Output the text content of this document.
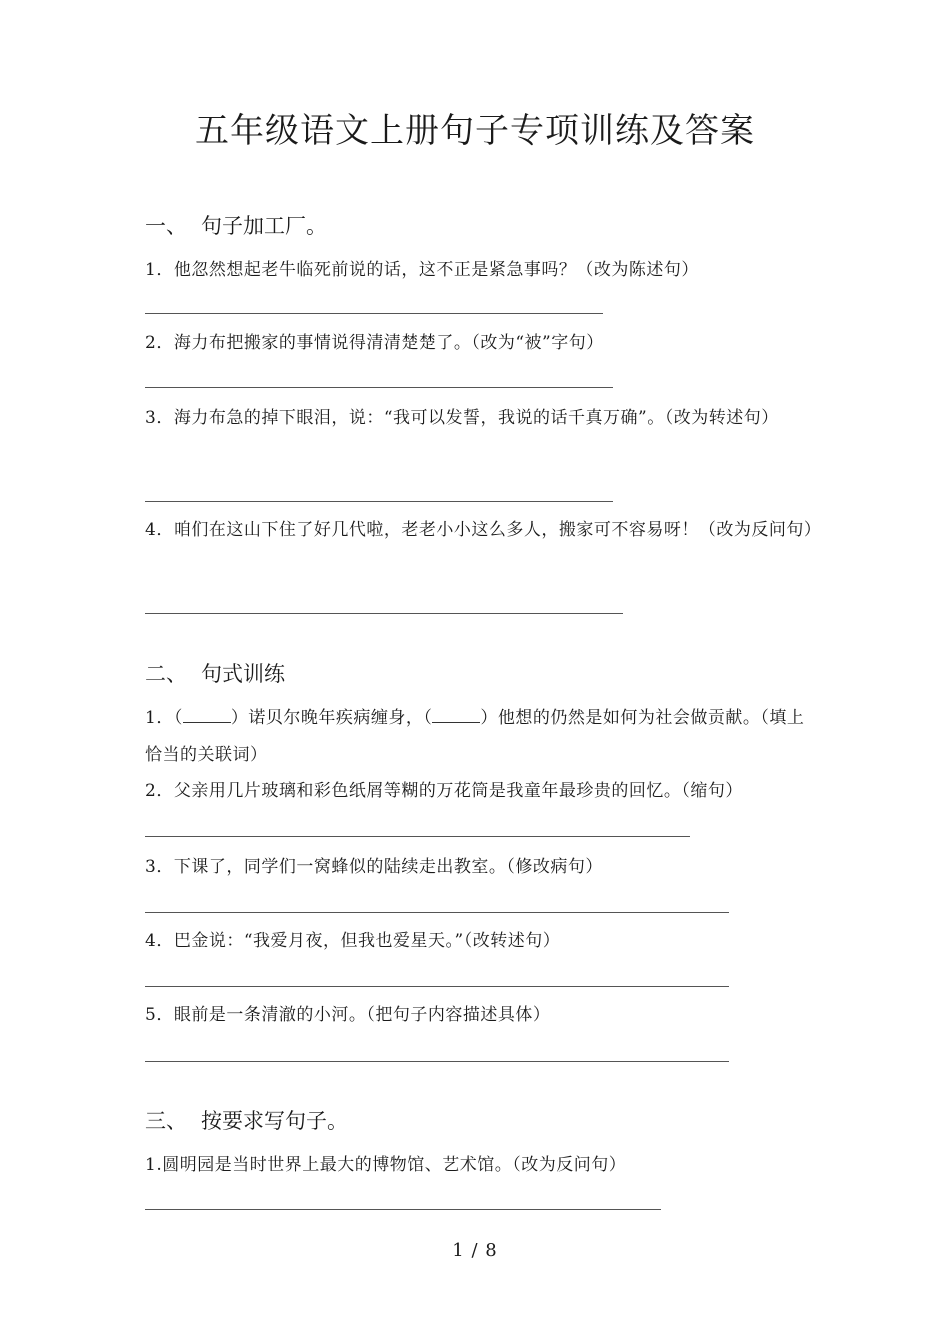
五年级语文上册句子专项训练及答案
一、 句子加工厂。
1．他忽然想起老牛临死前说的话，这不正是紧急事吗？（改为陈述句）
2．海力布把搬家的事情说得清清楚楚了。（改为“被”字句）
3．海力布急的掉下眼泪，说：“我可以发誓，我说的话千真万确”。（改为转述句）
4．咱们在这山下住了好几代啦，老老小小这么多人，搬家可不容易呀！（改为反问句）
二、 句式训练
1．（	）诺贝尔晚年疾病缠身，（	）他想的仍然是如何为社会做贡献。（填上恰当的关联词）
2．父亲用几片玻璃和彩色纸屑等糊的万花筒是我童年最珍贵的回忆。（缩句）
3．下课了，同学们一窝蜂似的陆续走出教室。（修改病句）
4．巴金说：“我爱月夜，但我也爱星天。”（改转述句）
5．眼前是一条清澈的小河。（把句子内容描述具体）
三、 按要求写句子。
1.圆明园是当时世界上最大的博物馆、艺术馆。（改为反问句）
1 / 8
